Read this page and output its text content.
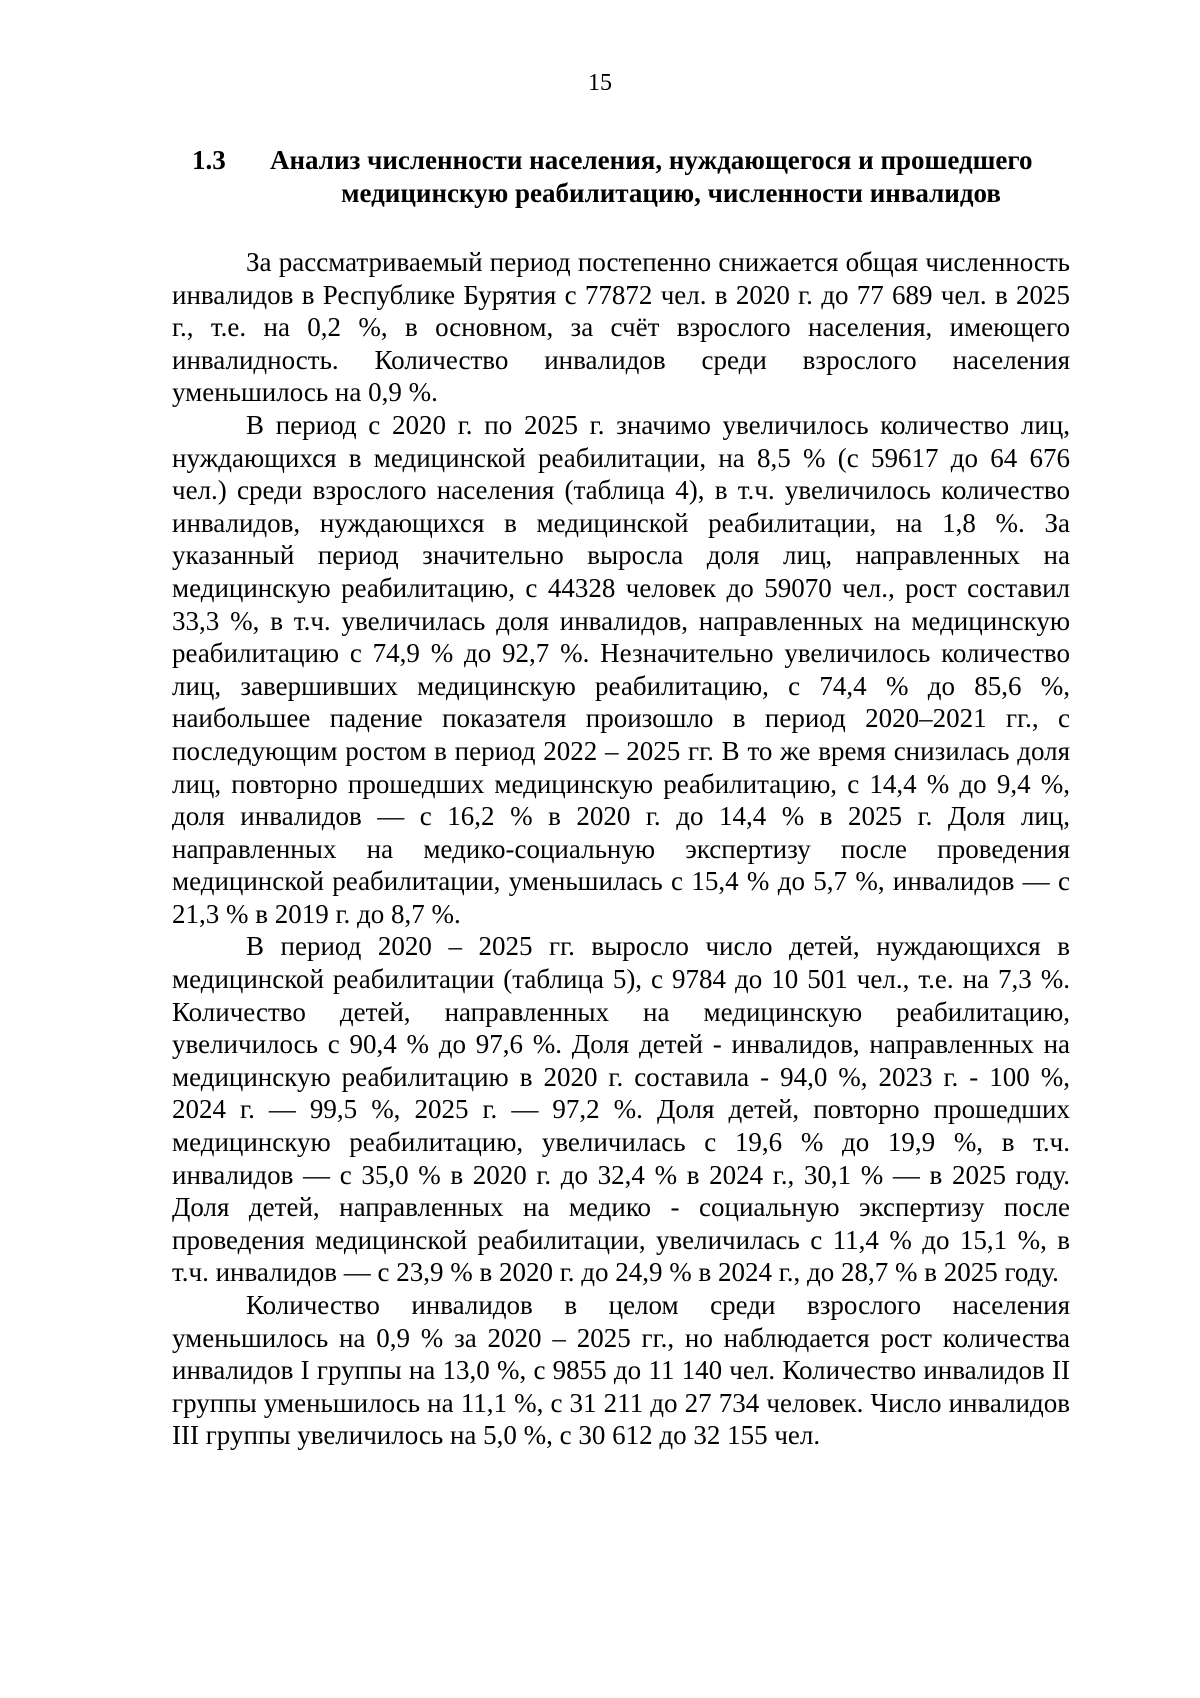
15
1.3	Анализ численности населения, нуждающегося и прошедшего
медицинскую реабилитацию, численности инвалидов

За рассматриваемый период постепенно снижается общая численность инвалидов в Республике Бурятия с 77872 чел. в 2020 г. до 77 689 чел. в 2025 г., т.е. на 0,2 %, в основном, за счёт взрослого населения, имеющего инвалидность. Количество инвалидов среди взрослого населения уменьшилось на 0,9 %.

В период с 2020 г. по 2025 г. значимо увеличилось количество лиц, нуждающихся в медицинской реабилитации, на 8,5 % (с 59617 до 64 676 чел.) среди взрослого населения (таблица 4), в т.ч. увеличилось количество инвалидов, нуждающихся в медицинской реабилитации, на 1,8 %. За указанный период значительно выросла доля лиц, направленных на медицинскую реабилитацию, с 44328 человек до 59070 чел., рост составил 33,3 %, в т.ч. увеличилась доля инвалидов, направленных на медицинскую реабилитацию с 74,9 % до 92,7 %. Незначительно увеличилось количество лиц, завершивших медицинскую реабилитацию, с 74,4 % до 85,6 %, наибольшее падение показателя произошло в период 2020–2021 гг., с последующим ростом в период 2022 – 2025 гг. В то же время снизилась доля лиц, повторно прошедших медицинскую реабилитацию, с 14,4 % до 9,4 %, доля инвалидов — с 16,2 % в 2020 г. до 14,4 % в 2025 г. Доля лиц, направленных на медико-социальную экспертизу после проведения медицинской реабилитации, уменьшилась с 15,4 % до 5,7 %, инвалидов — с 21,3 % в 2019 г. до 8,7 %.

В период 2020 – 2025 гг. выросло число детей, нуждающихся в медицинской реабилитации (таблица 5), с 9784 до 10 501 чел., т.е. на 7,3 %. Количество детей, направленных на медицинскую реабилитацию, увеличилось с 90,4 % до 97,6 %. Доля детей - инвалидов, направленных на медицинскую реабилитацию в 2020 г. составила - 94,0 %, 2023 г. - 100 %, 2024 г. — 99,5 %, 2025 г. — 97,2 %. Доля детей, повторно прошедших медицинскую реабилитацию, увеличилась с 19,6 % до 19,9 %, в т.ч. инвалидов — с 35,0 % в 2020 г. до 32,4 % в 2024 г., 30,1 % — в 2025 году. Доля детей, направленных на медико - социальную экспертизу после проведения медицинской реабилитации, увеличилась с 11,4 % до 15,1 %, в т.ч. инвалидов — с 23,9 % в 2020 г. до 24,9 % в 2024 г., до 28,7 % в 2025 году.

Количество инвалидов в целом среди взрослого населения уменьшилось на 0,9 % за 2020 – 2025 гг., но наблюдается рост количества инвалидов I группы на 13,0 %, с 9855 до 11 140 чел. Количество инвалидов II группы уменьшилось на 11,1 %, с 31 211 до 27 734 человек. Число инвалидов III группы увеличилось на 5,0 %, с 30 612 до 32 155 чел.
